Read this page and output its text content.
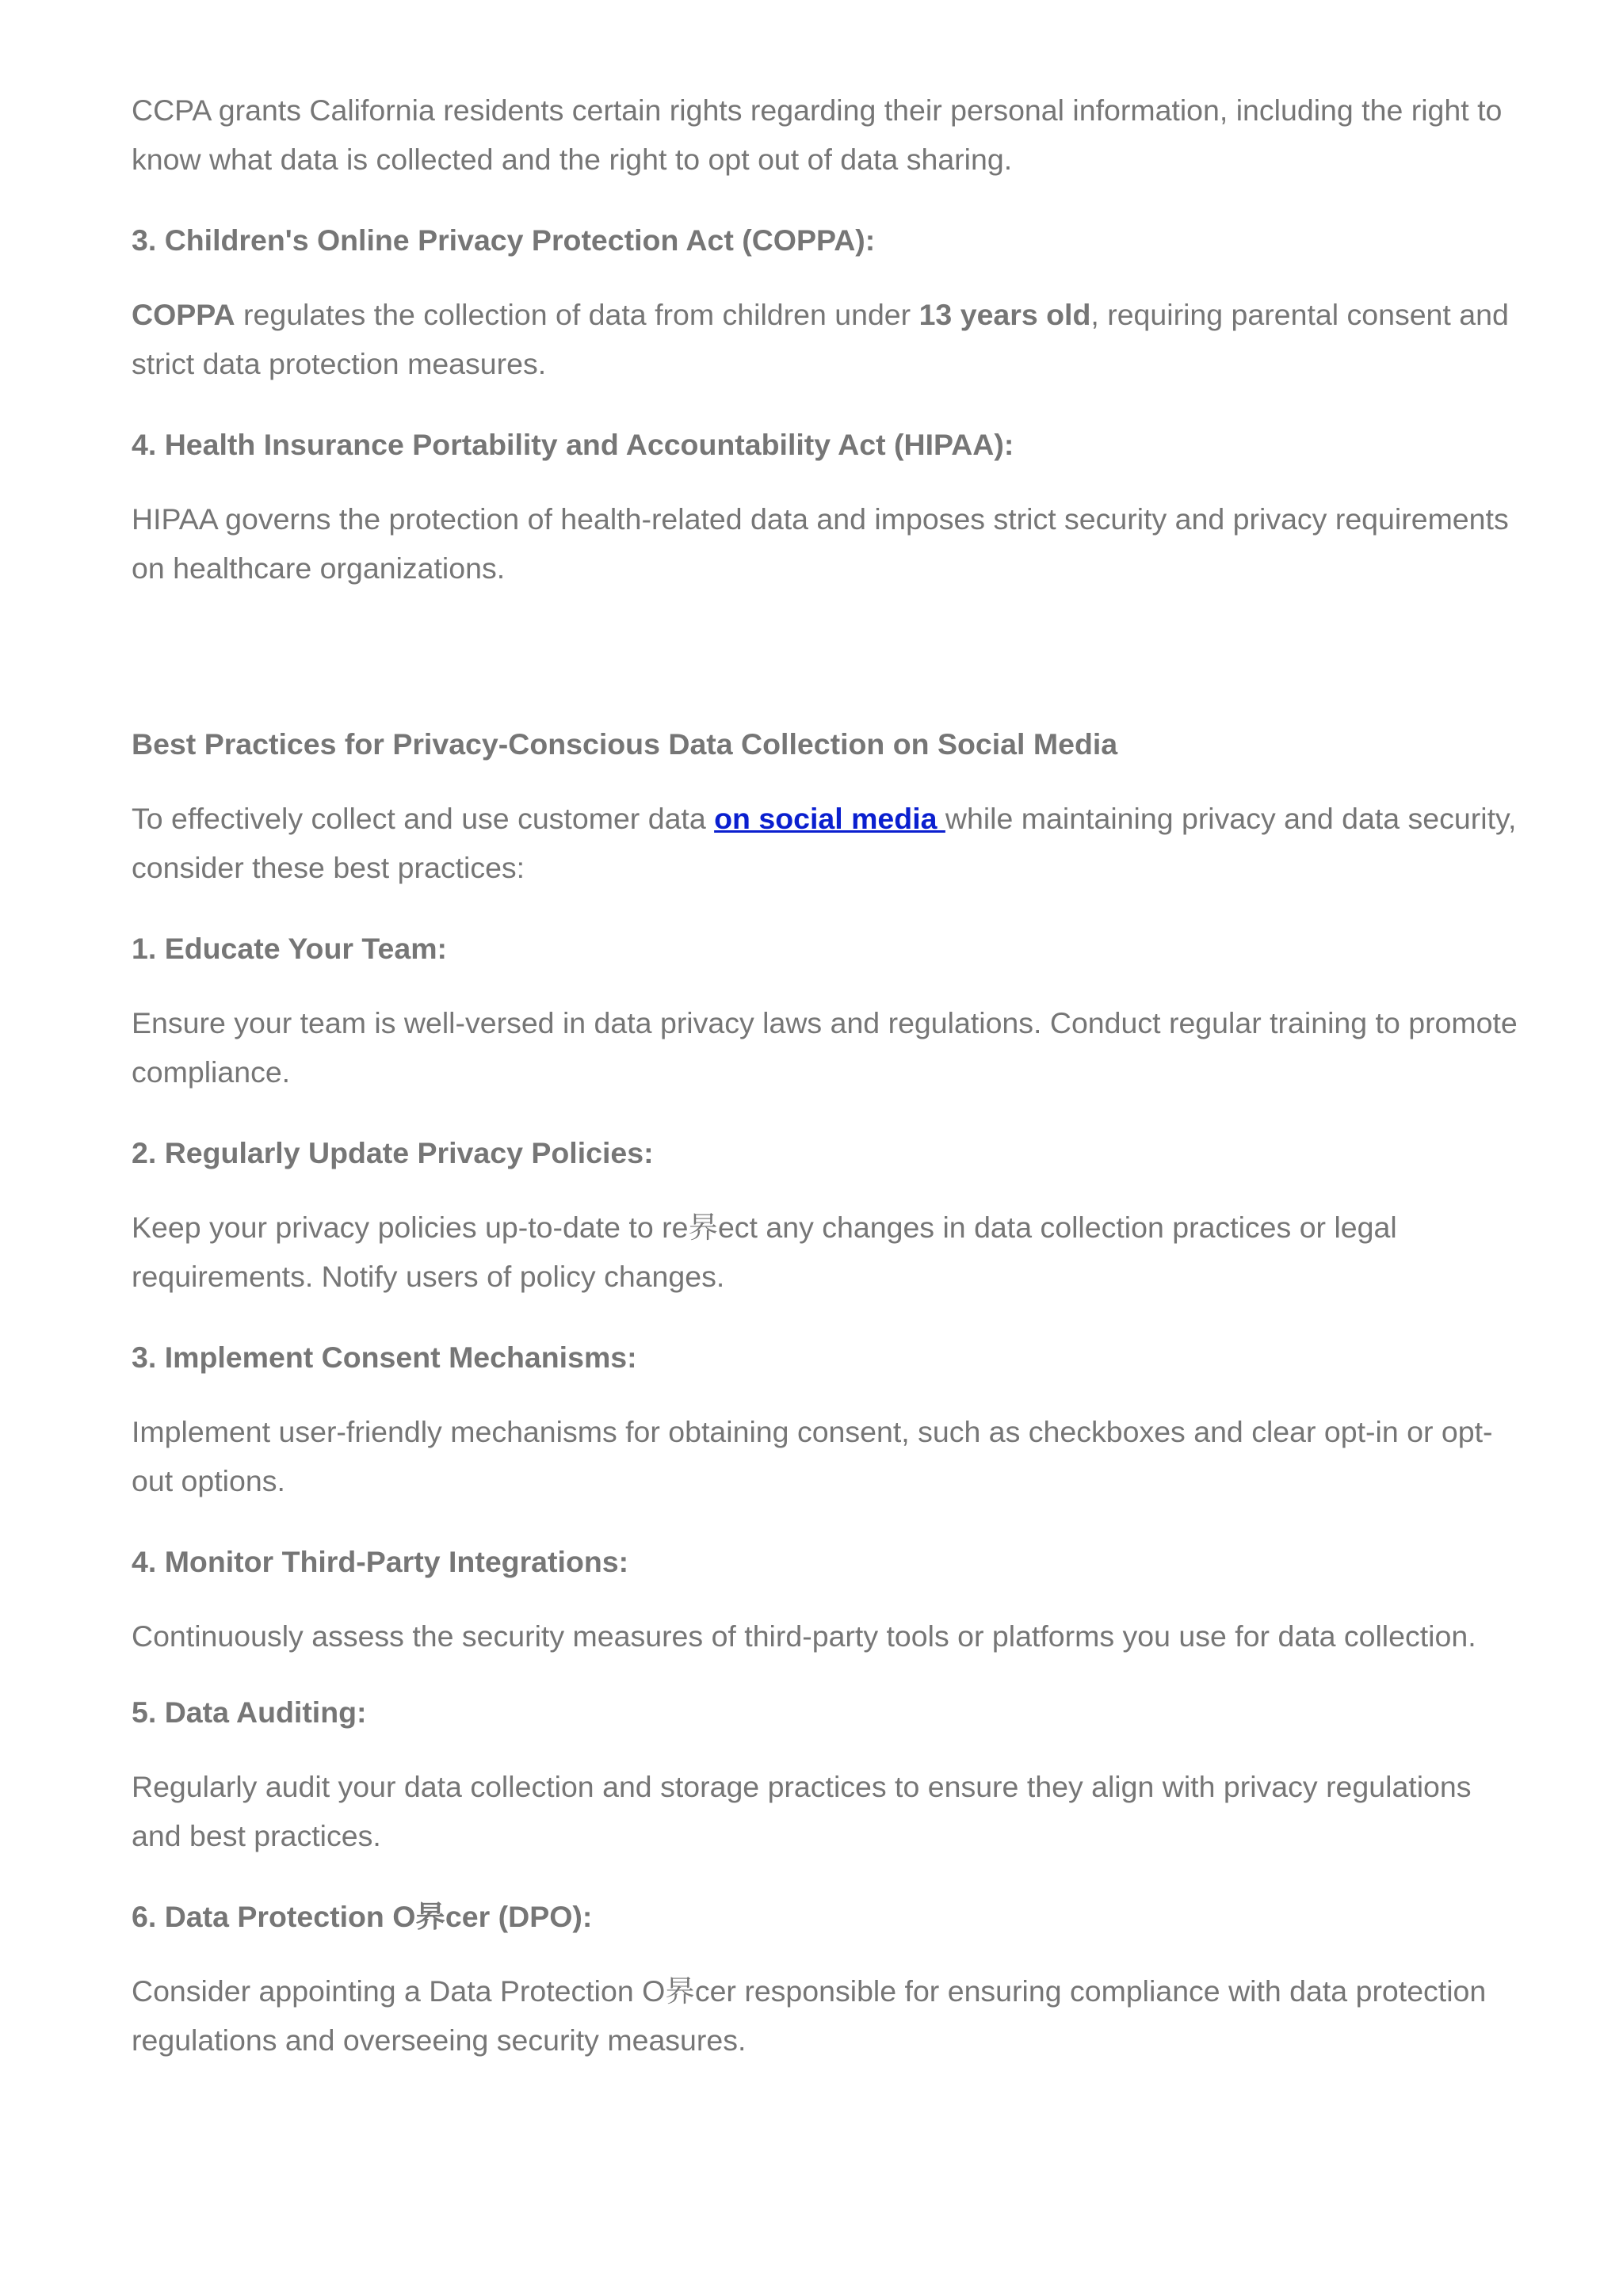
CCPA grants California residents certain rights regarding their personal information, including the right to know what data is collected and the right to opt out of data sharing.

3. Children's Online Privacy Protection Act (COPPA):

COPPA regulates the collection of data from children under 13 years old, requiring parental consent and strict data protection measures.

4. Health Insurance Portability and Accountability Act (HIPAA):

HIPAA governs the protection of health-related data and imposes strict security and privacy requirements on healthcare organizations.

Best Practices for Privacy-Conscious Data Collection on Social Media

To effectively collect and use customer data on social media while maintaining privacy and data security, consider these best practices:

1. Educate Your Team:

Ensure your team is well-versed in data privacy laws and regulations. Conduct regular training to promote compliance.

2. Regularly Update Privacy Policies:

Keep your privacy policies up-to-date to re昦ect any changes in data collection practices or legal requirements. Notify users of policy changes.

3. Implement Consent Mechanisms:

Implement user-friendly mechanisms for obtaining consent, such as checkboxes and clear opt-in or opt-out options.

4. Monitor Third-Party Integrations:

Continuously assess the security measures of third-party tools or platforms you use for data collection.

5. Data Auditing:

Regularly audit your data collection and storage practices to ensure they align with privacy regulations and best practices.

6. Data Protection O昦cer (DPO):

Consider appointing a Data Protection O昦cer responsible for ensuring compliance with data protection regulations and overseeing security measures.
